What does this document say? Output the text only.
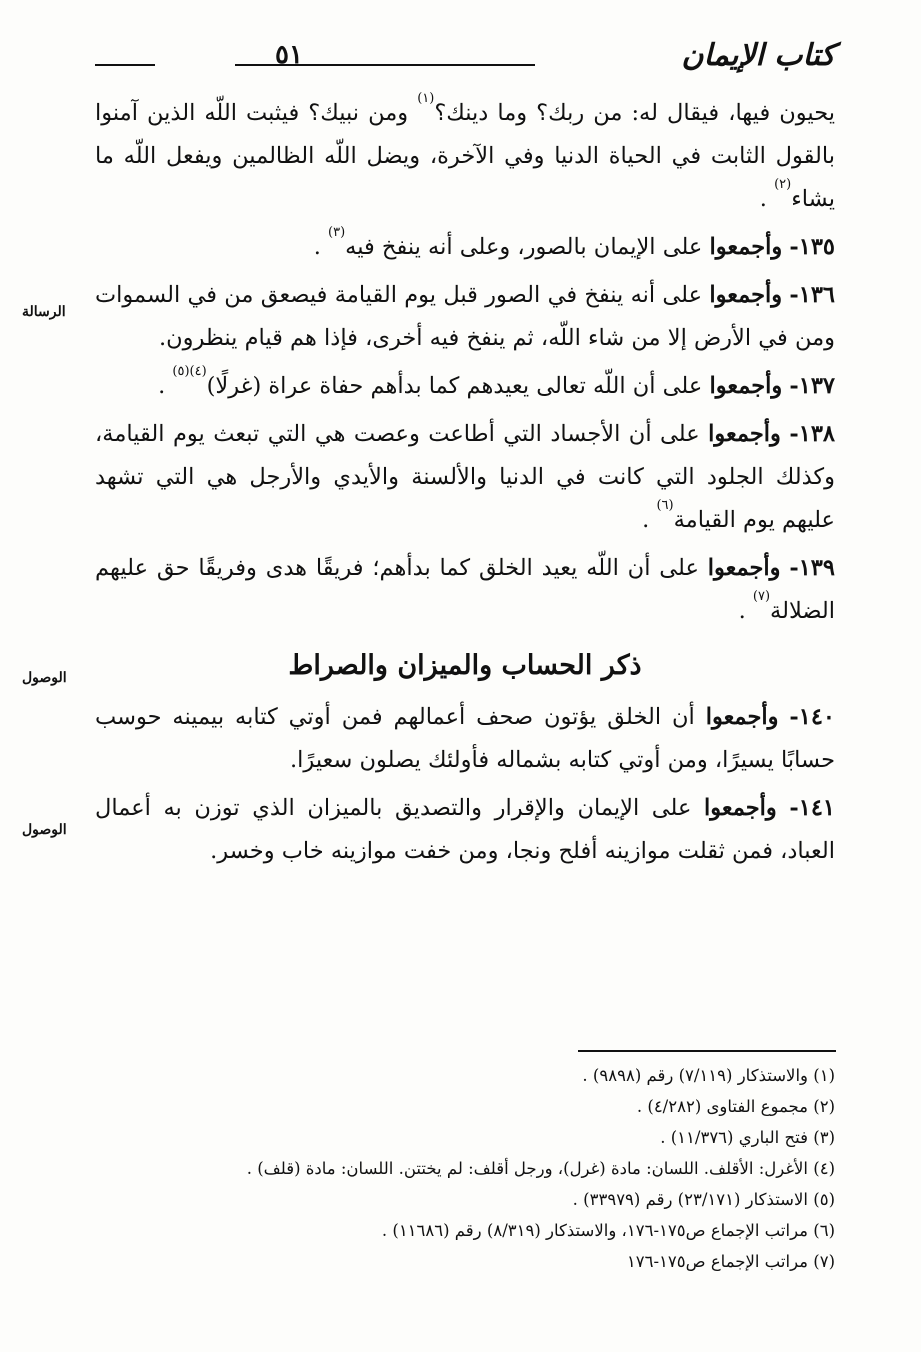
٥١	كتاب الإيمان

يحيون فيها، فيقال له: من ربك؟ وما دينك؟$^{(١)}$ ومن نبيك؟ فيثبت اللّه الذين آمنوا بالقول الثابت في الحياة الدنيا وفي الآخرة، ويضل اللّه الظالمين ويفعل اللّه ما يشاء$^{(٢)}$ .

١٣٥- وأجمعوا على الإيمان بالصور، وعلى أنه ينفخ فيه$^{(٣)}$ .

١٣٦- وأجمعوا على أنه ينفخ في الصور قبل يوم القيامة فيصعق من في السموات ومن في الأرض إلا من شاء اللّه، ثم ينفخ فيه أخرى، فإذا هم قيام ينظرون.

١٣٧- وأجمعوا على أن اللّه تعالى يعيدهم كما بدأهم حفاة عراة (غرلًا)$^{(٤)(٥)}$ .

١٣٨- وأجمعوا على أن الأجساد التي أطاعت وعصت هي التي تبعث يوم القيامة، وكذلك الجلود التي كانت في الدنيا والألسنة والأيدي والأرجل هي التي تشهد عليهم يوم القيامة$^{(٦)}$ .

١٣٩- وأجمعوا على أن اللّه يعيد الخلق كما بدأهم؛ فريقًا هدى وفريقًا حق عليهم الضلالة$^{(٧)}$ .

ذكر الحساب والميزان والصراط

١٤٠- وأجمعوا أن الخلق يؤتون صحف أعمالهم فمن أوتي كتابه بيمينه حوسب حسابًا يسيرًا، ومن أوتي كتابه بشماله فأولئك يصلون سعيرًا.

١٤١- وأجمعوا على الإيمان والإقرار والتصديق بالميزان الذي توزن به أعمال العباد، فمن ثقلت موازينه أفلح ونجا، ومن خفت موازينه خاب وخسر.

الرسالة
الوصول
الوصول
(١) والاستذكار (٧/١١٩) رقم (٩٨٩٨) .
(٢) مجموع الفتاوى (٤/٢٨٢) .
(٣) فتح الباري (١١/٣٧٦) .
(٤) الأغرل: الأقلف. اللسان: مادة (غرل)، ورجل أقلف: لم يختتن. اللسان: مادة (قلف) .
(٥) الاستذكار (٢٣/١٧١) رقم (٣٣٩٧٩) .
(٦) مراتب الإجماع ص١٧٥-١٧٦، والاستذكار (٨/٣١٩) رقم (١١٦٨٦) .
(٧) مراتب الإجماع ص١٧٥-١٧٦
